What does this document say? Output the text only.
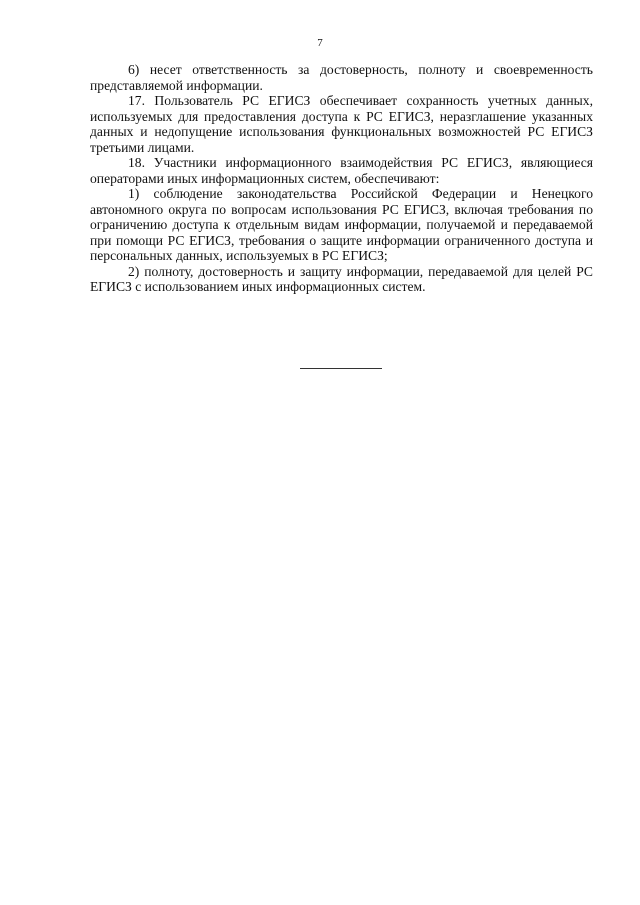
7

6) несет ответственность за достоверность, полноту и своевременность представляемой информации.

17. Пользователь РС ЕГИСЗ обеспечивает сохранность учетных данных, используемых для предоставления доступа к РС ЕГИСЗ, неразглашение указанных данных и недопущение использования функциональных возможностей РС ЕГИСЗ третьими лицами.

18. Участники информационного взаимодействия РС ЕГИСЗ, являющиеся операторами иных информационных систем, обеспечивают:

1) соблюдение законодательства Российской Федерации и Ненецкого автономного округа по вопросам использования РС ЕГИСЗ, включая требования по ограничению доступа к отдельным видам информации, получаемой и передаваемой при помощи РС ЕГИСЗ, требования о защите информации ограниченного доступа и персональных данных, используемых в РС ЕГИСЗ;

2) полноту, достоверность и защиту информации, передаваемой для целей РС ЕГИСЗ с использованием иных информационных систем.
